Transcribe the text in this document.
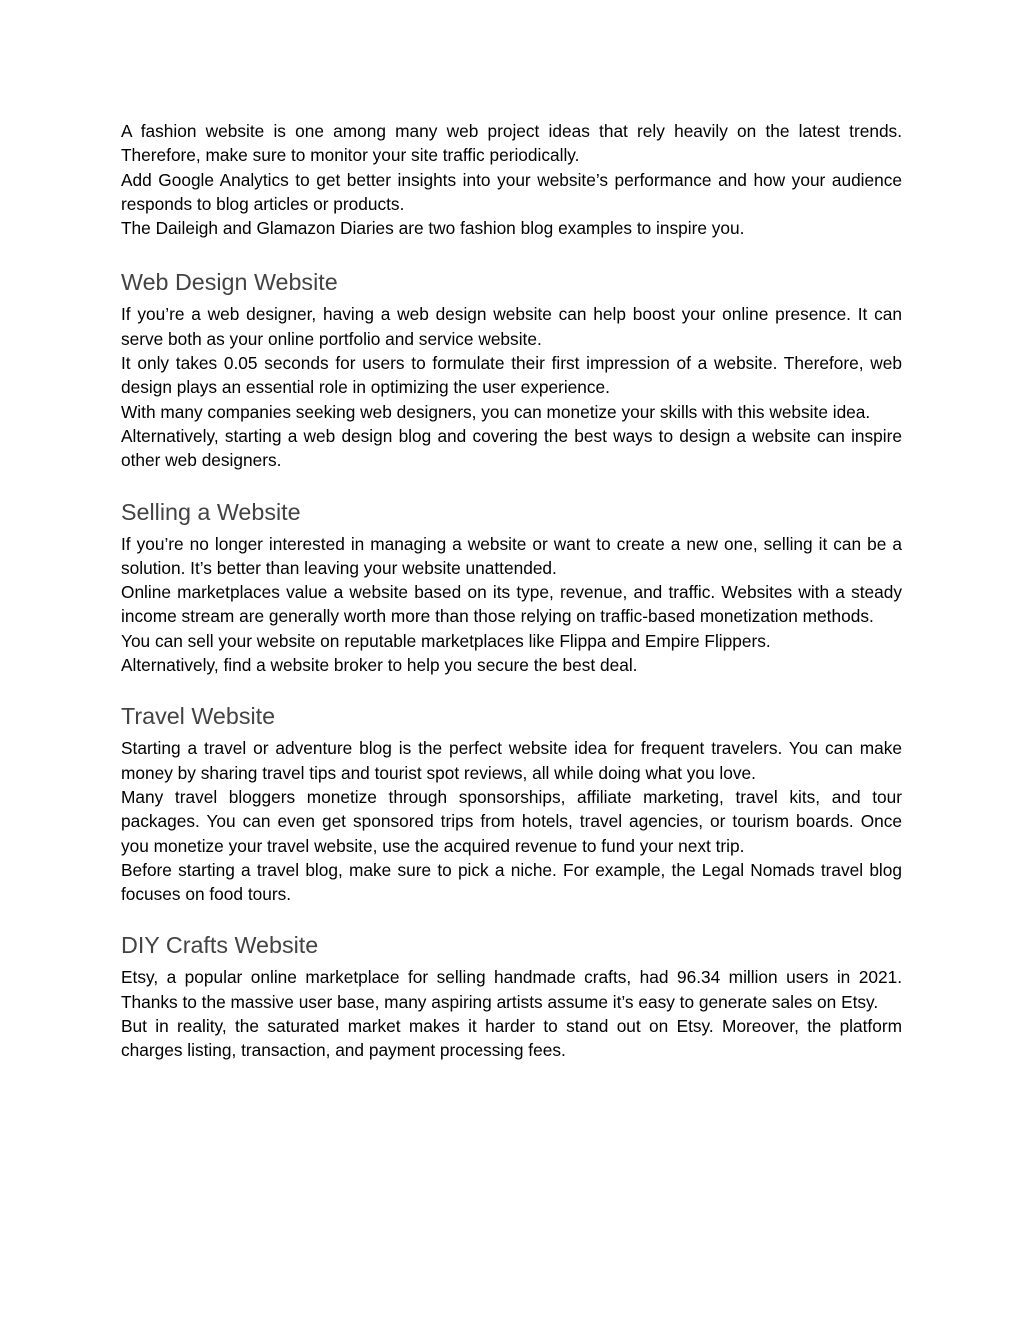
A fashion website is one among many web project ideas that rely heavily on the latest trends. Therefore, make sure to monitor your site traffic periodically.

Add Google Analytics to get better insights into your website’s performance and how your audience responds to blog articles or products.

The Daileigh and Glamazon Diaries are two fashion blog examples to inspire you.

Web Design Website

If you’re a web designer, having a web design website can help boost your online presence. It can serve both as your online portfolio and service website.

It only takes 0.05 seconds for users to formulate their first impression of a website. Therefore, web design plays an essential role in optimizing the user experience.

With many companies seeking web designers, you can monetize your skills with this website idea.

Alternatively, starting a web design blog and covering the best ways to design a website can inspire other web designers.

Selling a Website

If you’re no longer interested in managing a website or want to create a new one, selling it can be a solution. It’s better than leaving your website unattended.

Online marketplaces value a website based on its type, revenue, and traffic. Websites with a steady income stream are generally worth more than those relying on traffic-based monetization methods.

You can sell your website on reputable marketplaces like Flippa and Empire Flippers.

Alternatively, find a website broker to help you secure the best deal.

Travel Website

Starting a travel or adventure blog is the perfect website idea for frequent travelers. You can make money by sharing travel tips and tourist spot reviews, all while doing what you love.

Many travel bloggers monetize through sponsorships, affiliate marketing, travel kits, and tour packages. You can even get sponsored trips from hotels, travel agencies, or tourism boards. Once you monetize your travel website, use the acquired revenue to fund your next trip.

Before starting a travel blog, make sure to pick a niche. For example, the Legal Nomads travel blog focuses on food tours.

DIY Crafts Website

Etsy, a popular online marketplace for selling handmade crafts, had 96.34 million users in 2021. Thanks to the massive user base, many aspiring artists assume it’s easy to generate sales on Etsy.

But in reality, the saturated market makes it harder to stand out on Etsy. Moreover, the platform charges listing, transaction, and payment processing fees.
